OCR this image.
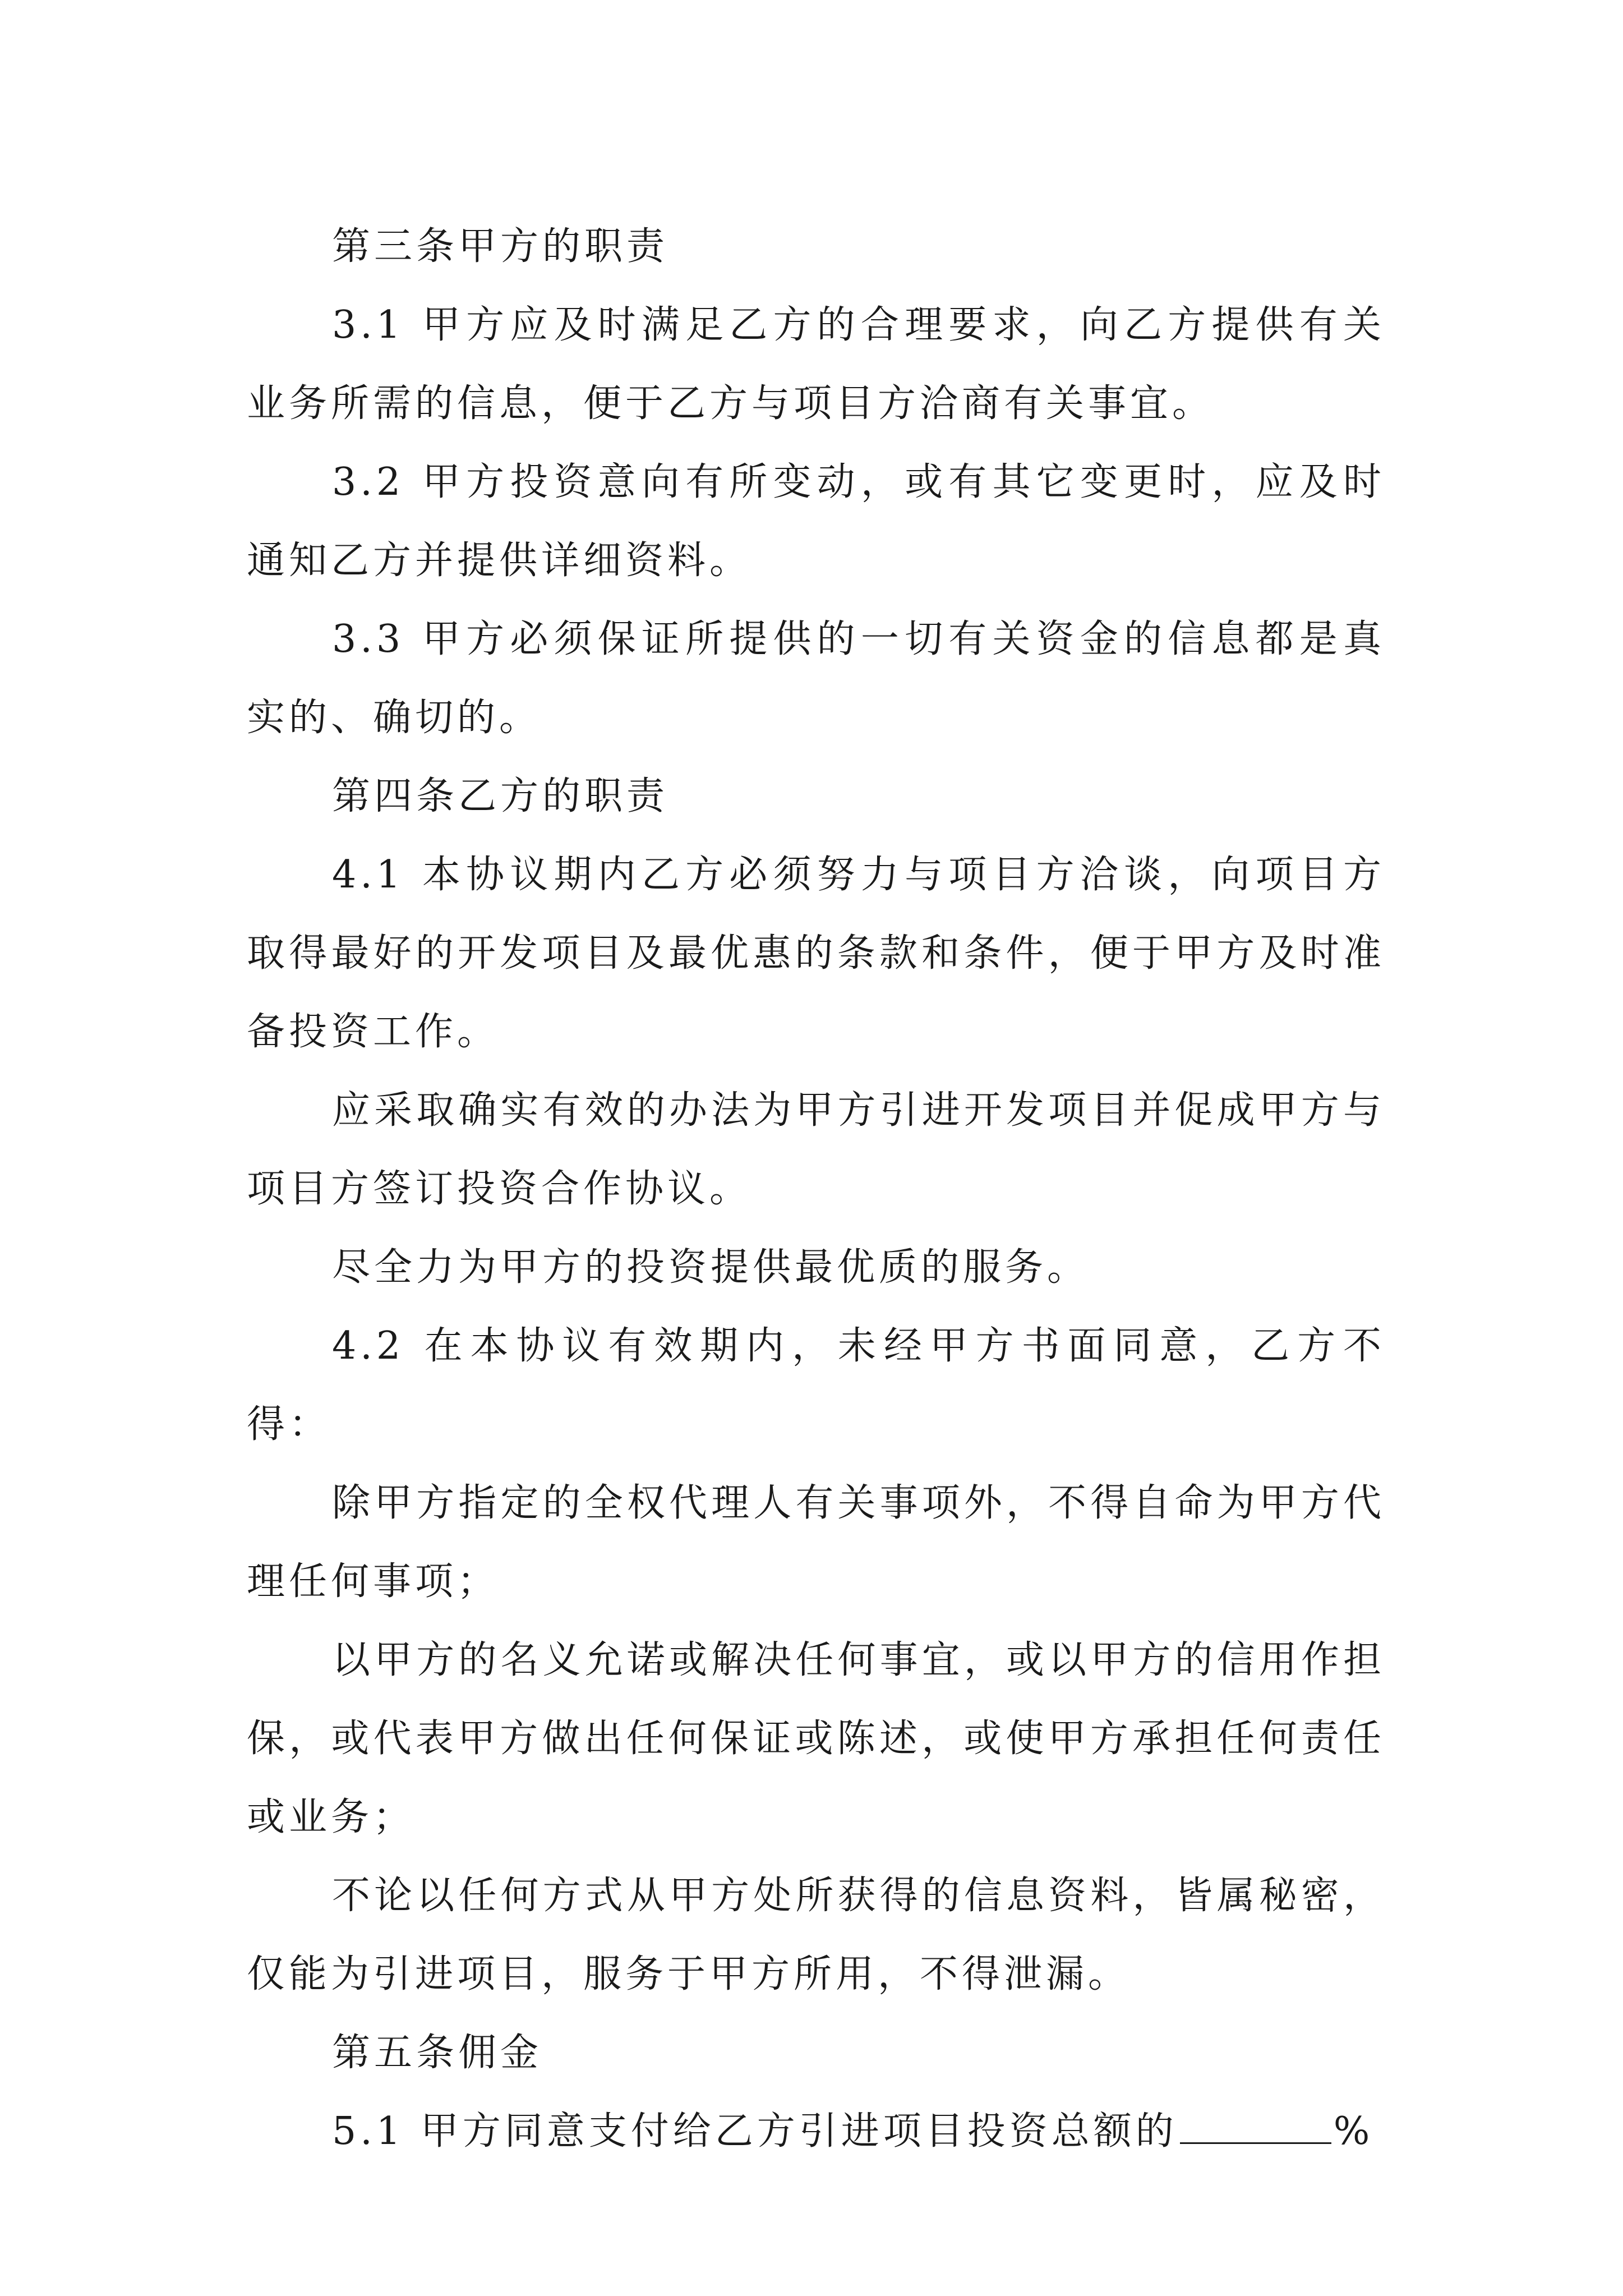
第三条甲方的职责

3.1 甲方应及时满足乙方的合理要求，向乙方提供有关业务所需的信息，便于乙方与项目方洽商有关事宜。

3.2 甲方投资意向有所变动，或有其它变更时，应及时通知乙方并提供详细资料。

3.3 甲方必须保证所提供的一切有关资金的信息都是真实的、确切的。

第四条乙方的职责

4.1 本协议期内乙方必须努力与项目方洽谈，向项目方取得最好的开发项目及最优惠的条款和条件，便于甲方及时准备投资工作。

应采取确实有效的办法为甲方引进开发项目并促成甲方与项目方签订投资合作协议。

尽全力为甲方的投资提供最优质的服务。

4.2 在本协议有效期内，未经甲方书面同意，乙方不得：

除甲方指定的全权代理人有关事项外，不得自命为甲方代理任何事项；

以甲方的名义允诺或解决任何事宜，或以甲方的信用作担保，或代表甲方做出任何保证或陈述，或使甲方承担任何责任或业务；

不论以任何方式从甲方处所获得的信息资料，皆属秘密，仅能为引进项目，服务于甲方所用，不得泄漏。

第五条佣金

5.1 甲方同意支付给乙方引进项目投资总额的	%
